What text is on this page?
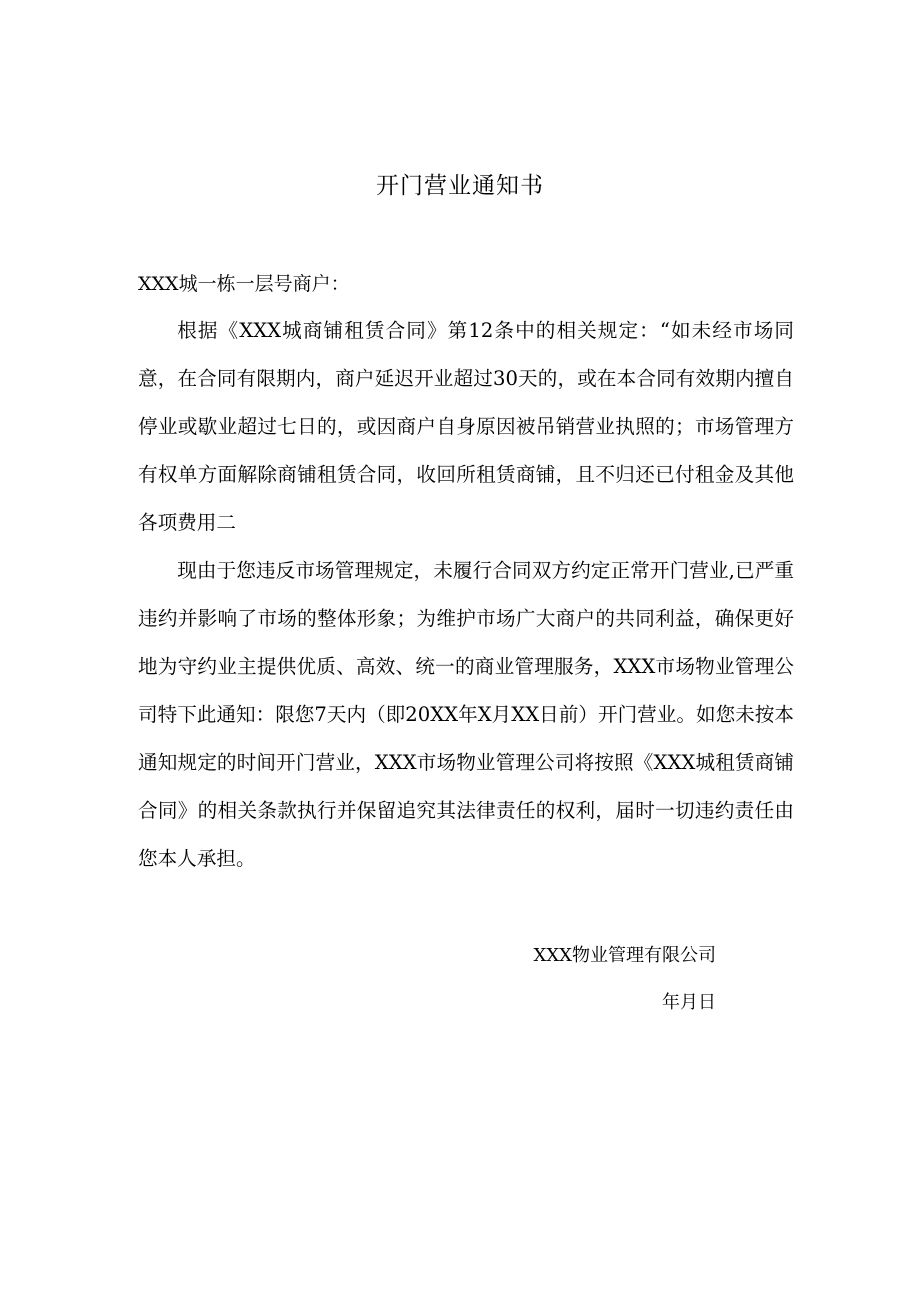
开门营业通知书

XXX城一栋一层号商户：

根据《XXX城商铺租赁合同》第12条中的相关规定：“如未经市场同意，在合同有限期内，商户延迟开业超过30天的，或在本合同有效期内擅自停业或歇业超过七日的，或因商户自身原因被吊销营业执照的；市场管理方有权单方面解除商铺租赁合同，收回所租赁商铺，且不归还已付租金及其他各项费用二

现由于您违反市场管理规定，未履行合同双方约定正常开门营业,已严重违约并影响了市场的整体形象；为维护市场广大商户的共同利益，确保更好地为守约业主提供优质、高效、统一的商业管理服务，XXX市场物业管理公司特下此通知：限您7天内（即20XX年X月XX日前）开门营业。如您未按本通知规定的时间开门营业，XXX市场物业管理公司将按照《XXX城租赁商铺合同》的相关条款执行并保留追究其法律责任的权利，届时一切违约责任由您本人承担。

XXX物业管理有限公司

年月日
